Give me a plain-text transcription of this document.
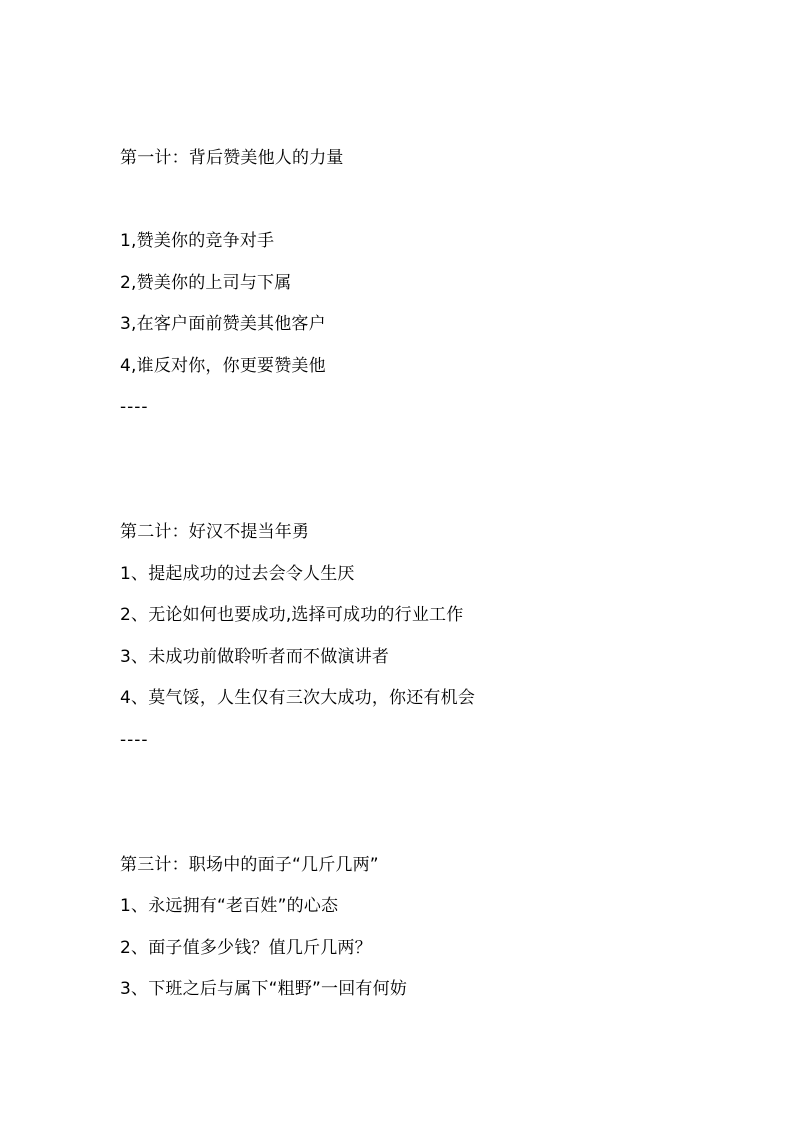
第一计：背后赞美他人的力量
1,赞美你的竞争对手
2,赞美你的上司与下属
3,在客户面前赞美其他客户
4,谁反对你，你更要赞美他
----
第二计：好汉不提当年勇
1、提起成功的过去会令人生厌
2、无论如何也要成功,选择可成功的行业工作
3、未成功前做聆听者而不做演讲者
4、莫气馁，人生仅有三次大成功，你还有机会
----
第三计：职场中的面子“几斤几两”
1、永远拥有“老百姓”的心态
2、面子值多少钱？值几斤几两？
3、下班之后与属下“粗野”一回有何妨
